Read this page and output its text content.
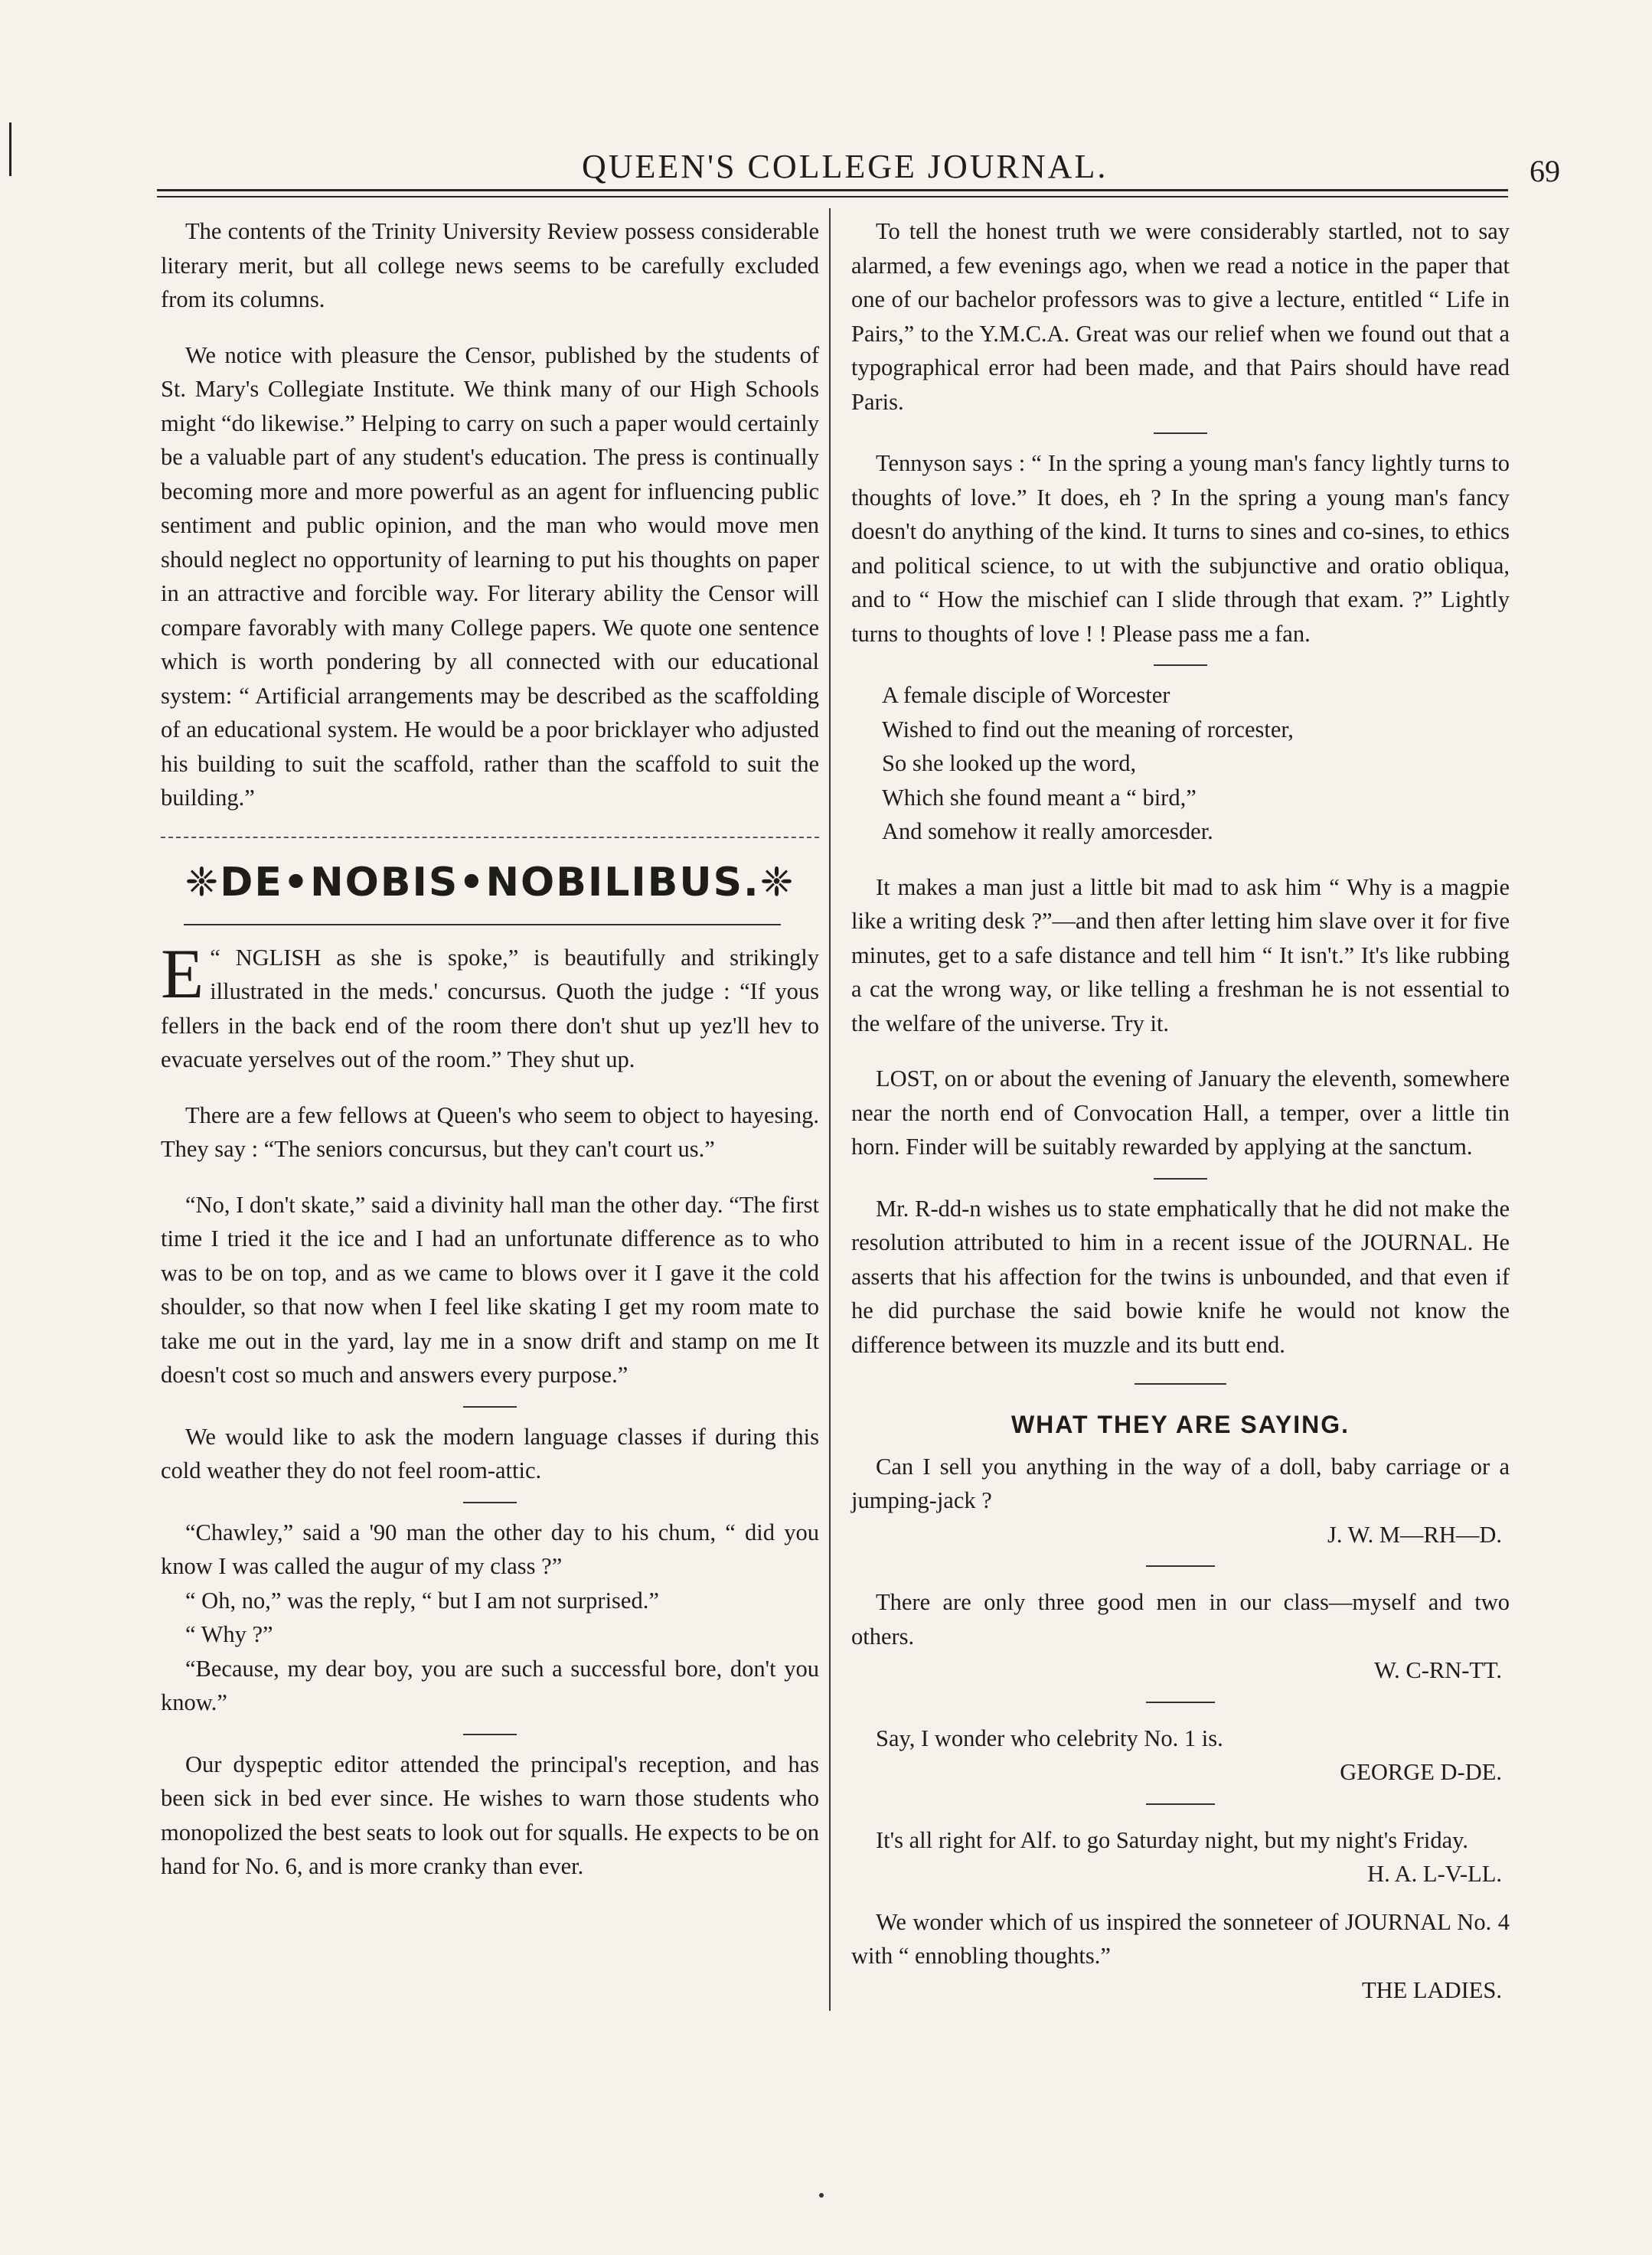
QUEEN'S COLLEGE JOURNAL.	69

The contents of the Trinity University Review possess considerable literary merit, but all college news seems to be carefully excluded from its columns.

We notice with pleasure the Censor, published by the students of St. Mary's Collegiate Institute. We think many of our High Schools might “do likewise.” Helping to carry on such a paper would certainly be a valuable part of any student's education. The press is continually becoming more and more powerful as an agent for influencing public sentiment and public opinion, and the man who would move men should neglect no opportunity of learning to put his thoughts on paper in an attractive and forcible way. For literary ability the Censor will compare favorably with many College papers. We quote one sentence which is worth pondering by all connected with our educational system: “ Artificial arrangements may be described as the scaffolding of an educational system. He would be a poor bricklayer who adjusted his building to suit the scaffold, rather than the scaffold to suit the building.”

❈DE•NOBIS•NOBILIBUS.❈

“
E NGLISH as she is spoke,” is beautifully and strikingly illustrated in the meds.' concursus. Quoth the judge : “If yous fellers in the back end of the room there don't shut up yez'll hev to evacuate yerselves out of the room.” They shut up.

There are a few fellows at Queen's who seem to object to hayesing. They say : “The seniors concursus, but they can't court us.”

“No, I don't skate,” said a divinity hall man the other day. “The first time I tried it the ice and I had an unfortunate difference as to who was to be on top, and as we came to blows over it I gave it the cold shoulder, so that now when I feel like skating I get my room mate to take me out in the yard, lay me in a snow drift and stamp on me It doesn't cost so much and answers every purpose.”

We would like to ask the modern language classes if during this cold weather they do not feel room-attic.

“Chawley,” said a '90 man the other day to his chum, “ did you know I was called the augur of my class ?”

“ Oh, no,” was the reply, “ but I am not surprised.”

“ Why ?”

“Because, my dear boy, you are such a successful bore, don't you know.”

Our dyspeptic editor attended the principal's reception, and has been sick in bed ever since. He wishes to warn those students who monopolized the best seats to look out for squalls. He expects to be on hand for No. 6, and is more cranky than ever.

To tell the honest truth we were considerably startled, not to say alarmed, a few evenings ago, when we read a notice in the paper that one of our bachelor professors was to give a lecture, entitled “ Life in Pairs,” to the Y.M.C.A. Great was our relief when we found out that a typographical error had been made, and that Pairs should have read Paris.

Tennyson says : “ In the spring a young man's fancy lightly turns to thoughts of love.” It does, eh ? In the spring a young man's fancy doesn't do anything of the kind. It turns to sines and co-sines, to ethics and political science, to ut with the subjunctive and oratio obliqua, and to “ How the mischief can I slide through that exam. ?” Lightly turns to thoughts of love ! ! Please pass me a fan.

A female disciple of Worcester
Wished to find out the meaning of rorcester,
So she looked up the word,
Which she found meant a “ bird,”
And somehow it really amorcesder.

It makes a man just a little bit mad to ask him “ Why is a magpie like a writing desk ?”—and then after letting him slave over it for five minutes, get to a safe distance and tell him “ It isn't.” It's like rubbing a cat the wrong way, or like telling a freshman he is not essential to the welfare of the universe. Try it.

LOST, on or about the evening of January the eleventh, somewhere near the north end of Convocation Hall, a temper, over a little tin horn. Finder will be suitably rewarded by applying at the sanctum.

Mr. R-dd-n wishes us to state emphatically that he did not make the resolution attributed to him in a recent issue of the JOURNAL. He asserts that his affection for the twins is unbounded, and that even if he did purchase the said bowie knife he would not know the difference between its muzzle and its butt end.

WHAT THEY ARE SAYING.
Can I sell you anything in the way of a doll, baby carriage or a jumping-jack ?
J. W. M—RH—D.
There are only three good men in our class—myself and two others.
W. C-RN-TT.
Say, I wonder who celebrity No. 1 is.
GEORGE D-DE.
It's all right for Alf. to go Saturday night, but my night's Friday.
H. A. L-V-LL.
We wonder which of us inspired the sonneteer of JOURNAL No. 4 with “ ennobling thoughts.”
THE LADIES.
